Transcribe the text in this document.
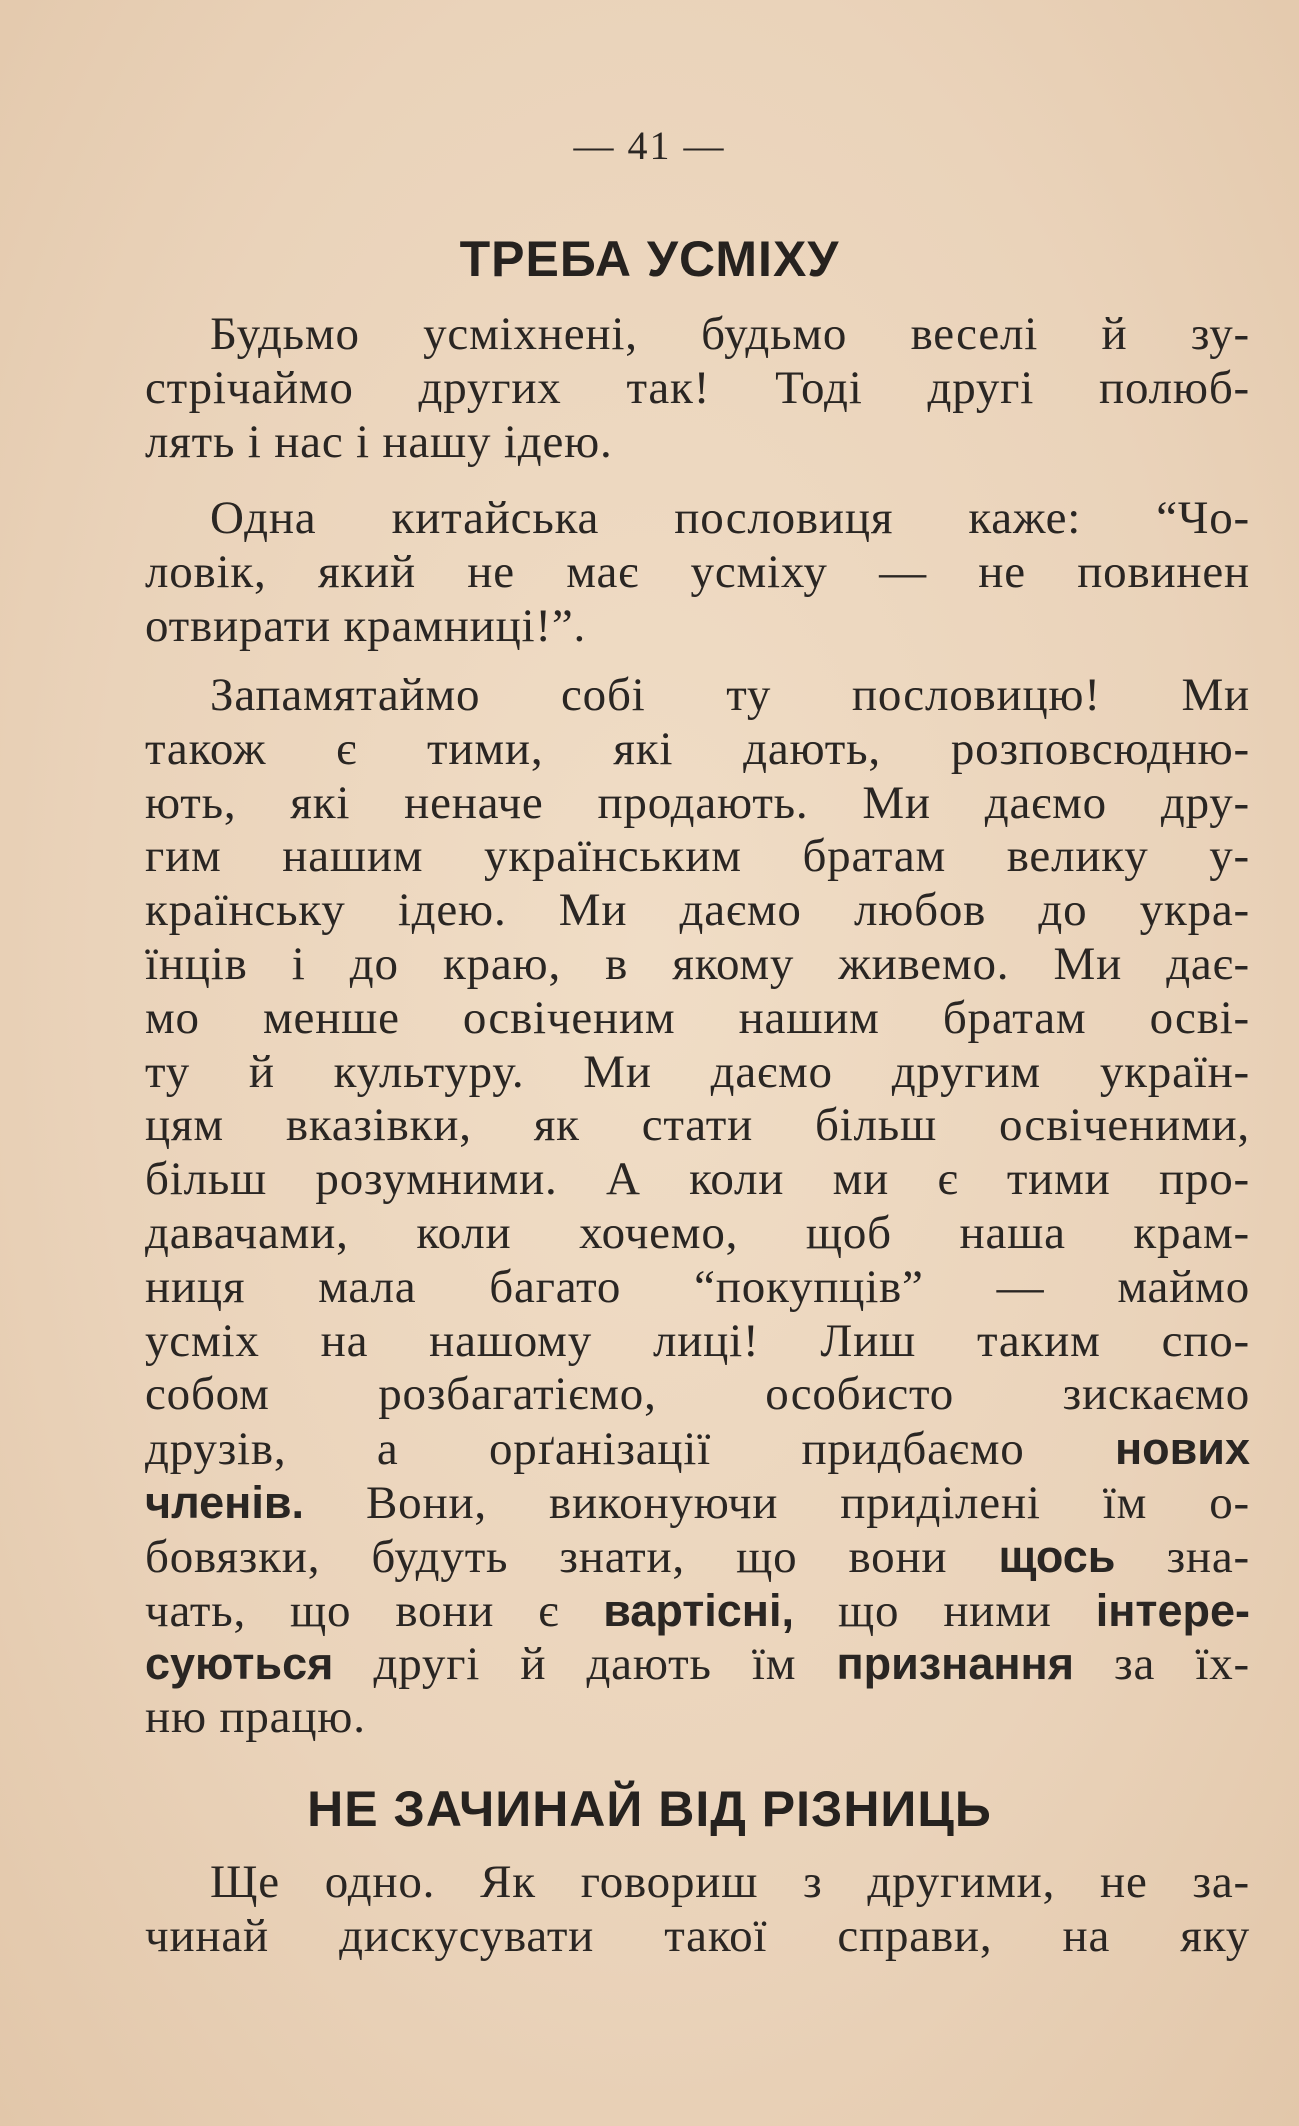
— 41 —
ТРЕБА УСМІХУ
Будьмо усміхнені, будьмо веселі й зу-
стрічаймо других так! Тоді другі полюб-
лять і нас і нашу ідею.
Одна китайська пословиця каже: “Чо-
ловік, який не має усміху — не повинен
отвирати крамниці!”.
Запамятаймо собі ту пословицю! Ми
також є тими, які дають, розповсюдню-
ють, які неначе продають. Ми даємо дру-
гим нашим українським братам велику у-
країнську ідею. Ми даємо любов до укра-
їнців і до краю, в якому живемо. Ми дає-
мо менше освіченим нашим братам осві-
ту й культуру. Ми даємо другим україн-
цям вказівки, як стати більш освіченими,
більш розумними. А коли ми є тими про-
давачами, коли хочемо, щоб наша крам-
ниця мала багато “покупців” — маймо
усміх на нашому лиці! Лиш таким спо-
собом розбагатіємо, особисто зискаємо
друзів, а орґанізації придбаємо нових
членів. Вони, виконуючи приділені їм о-
бовязки, будуть знати, що вони щось зна-
чать, що вони є вартісні, що ними інтере-
суються другі й дають їм признання за їх-
ню працю.
НЕ ЗАЧИНАЙ ВІД РІЗНИЦЬ
Ще одно. Як говориш з другими, не за-
чинай дискусувати такої справи, на яку
